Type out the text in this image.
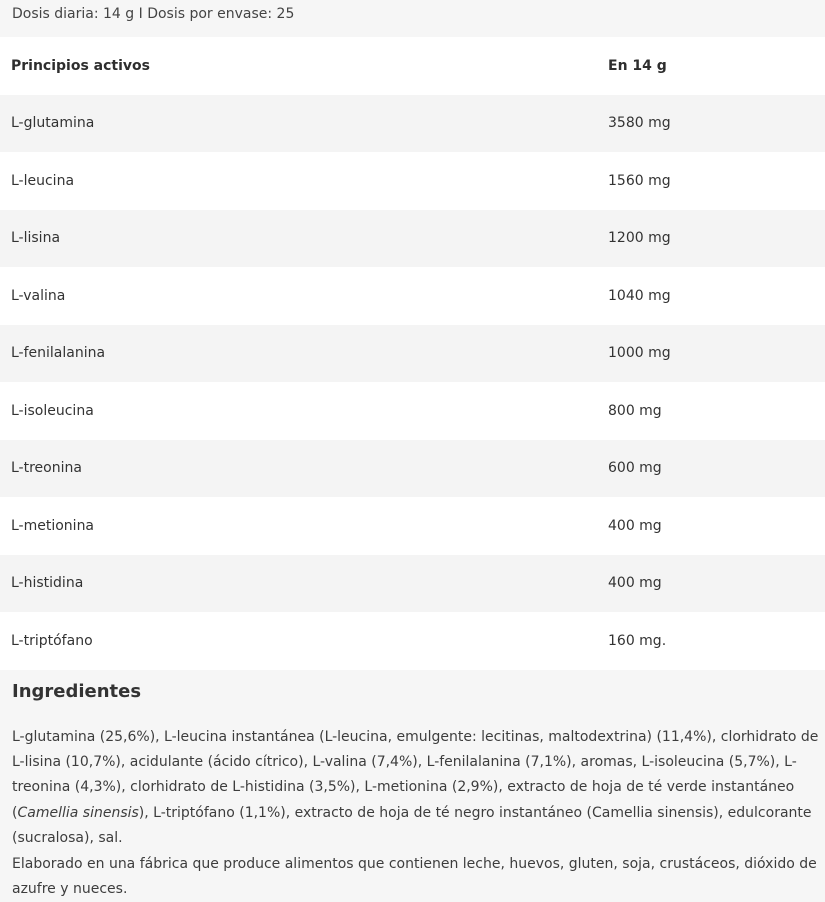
Dosis diaria: 14 g I Dosis por envase: 25
Principios activos	En 14 g
L-glutamina	3580 mg
L-leucina	1560 mg
L-lisina	1200 mg
L-valina	1040 mg
L-fenilalanina	1000 mg
L-isoleucina	800 mg
L-treonina	600 mg
L-metionina	400 mg
L-histidina	400 mg
L-triptófano	160 mg.
Ingredientes

L-glutamina (25,6%), L-leucina instantánea (L-leucina, emulgente: lecitinas, maltodextrina) (11,4%), clorhidrato de L-lisina (10,7%), acidulante (ácido cítrico), L-valina (7,4%), L-fenilalanina (7,1%), aromas, L-isoleucina (5,7%), L-treonina (4,3%), clorhidrato de L-histidina (3,5%), L-metionina (2,9%), extracto de hoja de té verde instantáneo (Camellia sinensis), L-triptófano (1,1%), extracto de hoja de té negro instantáneo (Camellia sinensis), edulcorante (sucralosa), sal.

Elaborado en una fábrica que produce alimentos que contienen leche, huevos, gluten, soja, crustáceos, dióxido de azufre y nueces.
